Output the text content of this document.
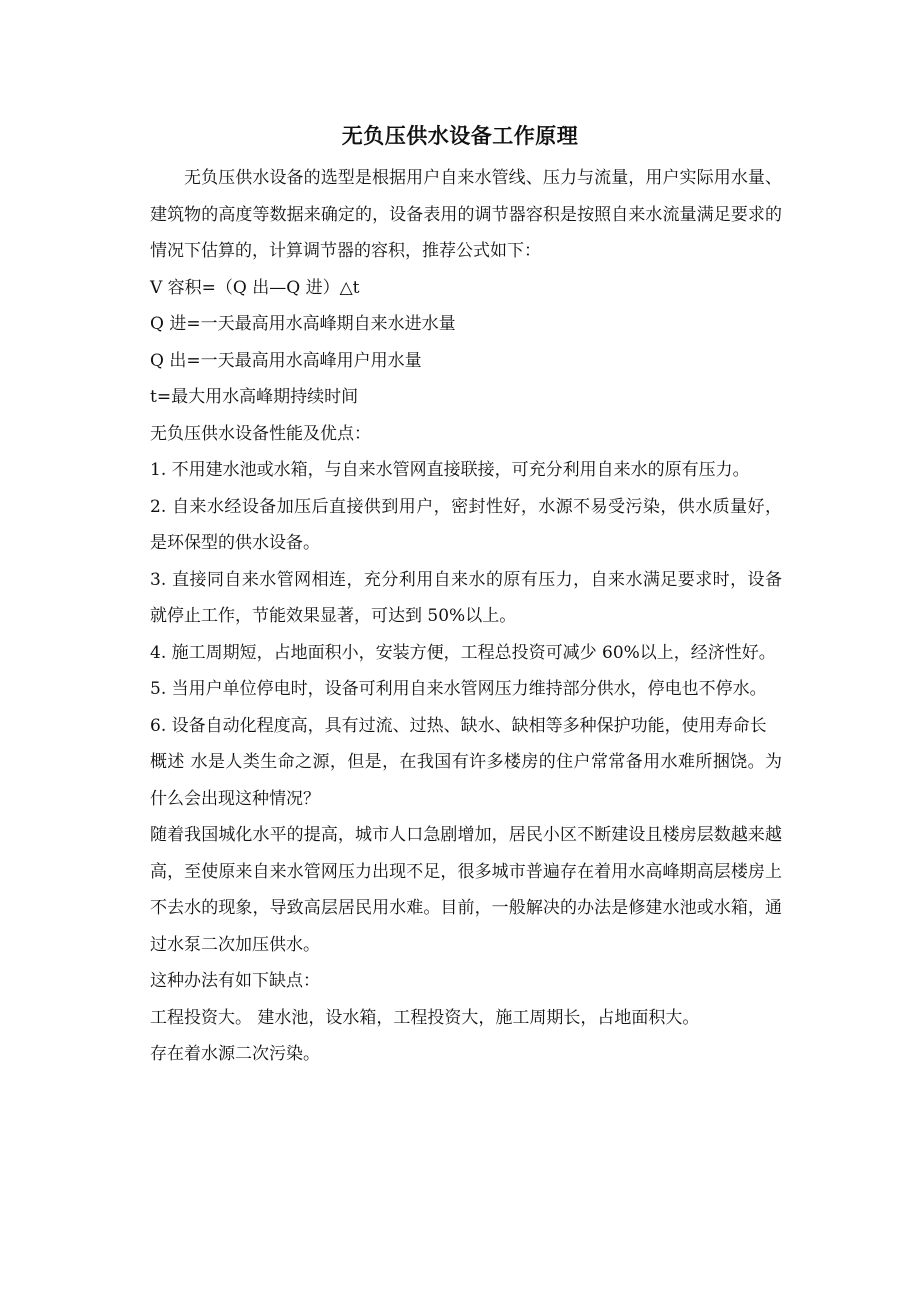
无负压供水设备工作原理

无负压供水设备的选型是根据用户自来水管线、压力与流量，用户实际用水量、建筑物的高度等数据来确定的，设备表用的调节器容积是按照自来水流量满足要求的情况下估算的，计算调节器的容积，推荐公式如下：

V 容积=（Q 出—Q 进）△t

Q 进=一天最高用水高峰期自来水进水量

Q 出=一天最高用水高峰用户用水量

t=最大用水高峰期持续时间

无负压供水设备性能及优点：

1. 不用建水池或水箱，与自来水管网直接联接，可充分利用自来水的原有压力。

2. 自来水经设备加压后直接供到用户，密封性好，水源不易受污染，供水质量好，是环保型的供水设备。

3. 直接同自来水管网相连，充分利用自来水的原有压力，自来水满足要求时，设备就停止工作，节能效果显著，可达到 50%以上。

4. 施工周期短，占地面积小，安装方便，工程总投资可减少 60%以上，经济性好。

5. 当用户单位停电时，设备可利用自来水管网压力维持部分供水，停电也不停水。

6. 设备自动化程度高，具有过流、过热、缺水、缺相等多种保护功能，使用寿命长

概述 水是人类生命之源，但是，在我国有许多楼房的住户常常备用水难所捆饶。为什么会出现这种情况？

随着我国城化水平的提高，城市人口急剧增加，居民小区不断建设且楼房层数越来越高，至使原来自来水管网压力出现不足，很多城市普遍存在着用水高峰期高层楼房上不去水的现象，导致高层居民用水难。目前，一般解决的办法是修建水池或水箱，通过水泵二次加压供水。

这种办法有如下缺点：

工程投资大。 建水池，设水箱，工程投资大，施工周期长，占地面积大。

存在着水源二次污染。
